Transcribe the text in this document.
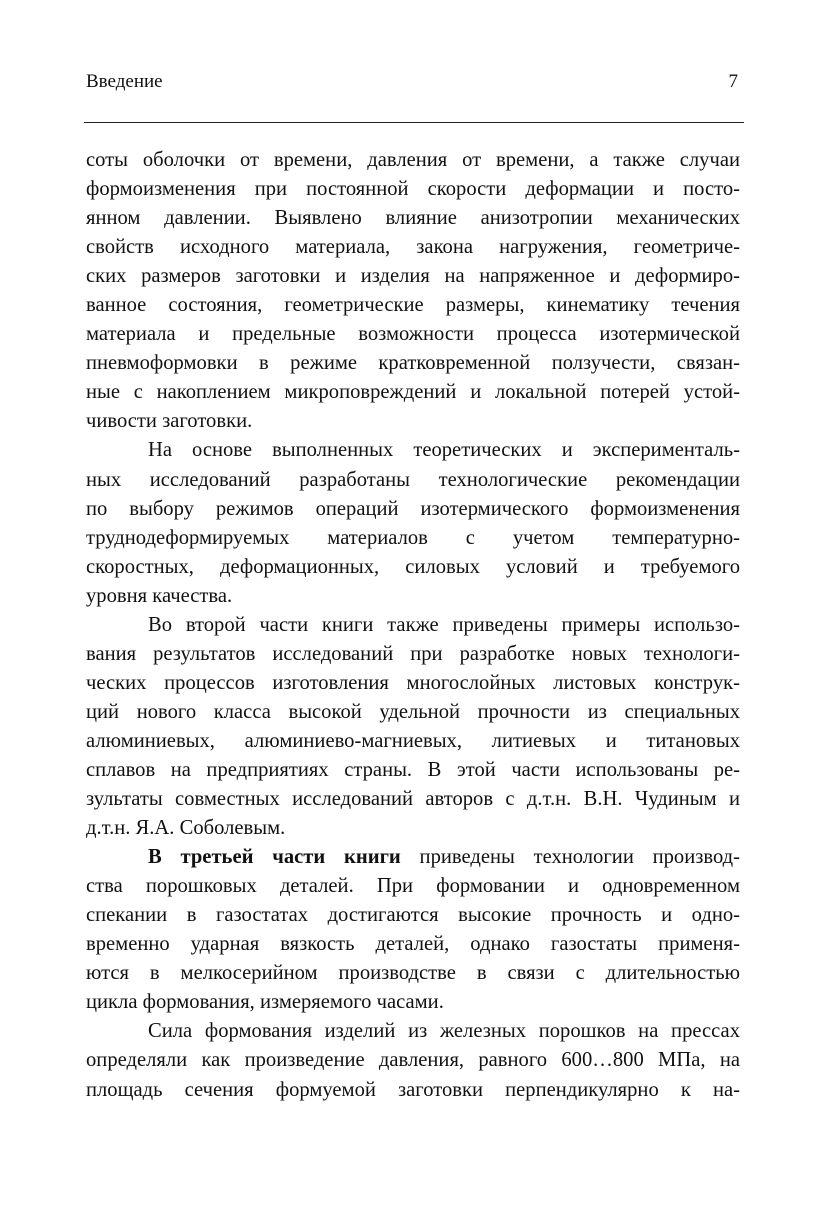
Введение	7
соты оболочки от времени, давления от времени, а также случаи
формоизменения при постоянной скорости деформации и посто-
янном давлении. Выявлено влияние анизотропии механических
свойств исходного материала, закона нагружения, геометриче-
ских размеров заготовки и изделия на напряженное и деформиро-
ванное состояния, геометрические размеры, кинематику течения
материала и предельные возможности процесса изотермической
пневмоформовки в режиме кратковременной ползучести, связан-
ные с накоплением микроповреждений и локальной потерей устой-
чивости заготовки.
На основе выполненных теоретических и эксперименталь-
ных исследований разработаны технологические рекомендации
по выбору режимов операций изотермического формоизменения
труднодеформируемых материалов с учетом температурно-
скоростных, деформационных, силовых условий и требуемого
уровня качества.
Во второй части книги также приведены примеры использо-
вания результатов исследований при разработке новых технологи-
ческих процессов изготовления многослойных листовых конструк-
ций нового класса высокой удельной прочности из специальных
алюминиевых, алюминиево-магниевых, литиевых и титановых
сплавов на предприятиях страны. В этой части использованы ре-
зультаты совместных исследований авторов с д.т.н. В.Н. Чудиным и
д.т.н. Я.А. Соболевым.
В третьей части книги приведены технологии производ-
ства порошковых деталей. При формовании и одновременном
спекании в газостатах достигаются высокие прочность и одно-
временно ударная вязкость деталей, однако газостаты применя-
ются в мелкосерийном производстве в связи с длительностью
цикла формования, измеряемого часами.
Сила формования изделий из железных порошков на прессах
определяли как произведение давления, равного 600…800 МПа, на
площадь сечения формуемой заготовки перпендикулярно к на-
